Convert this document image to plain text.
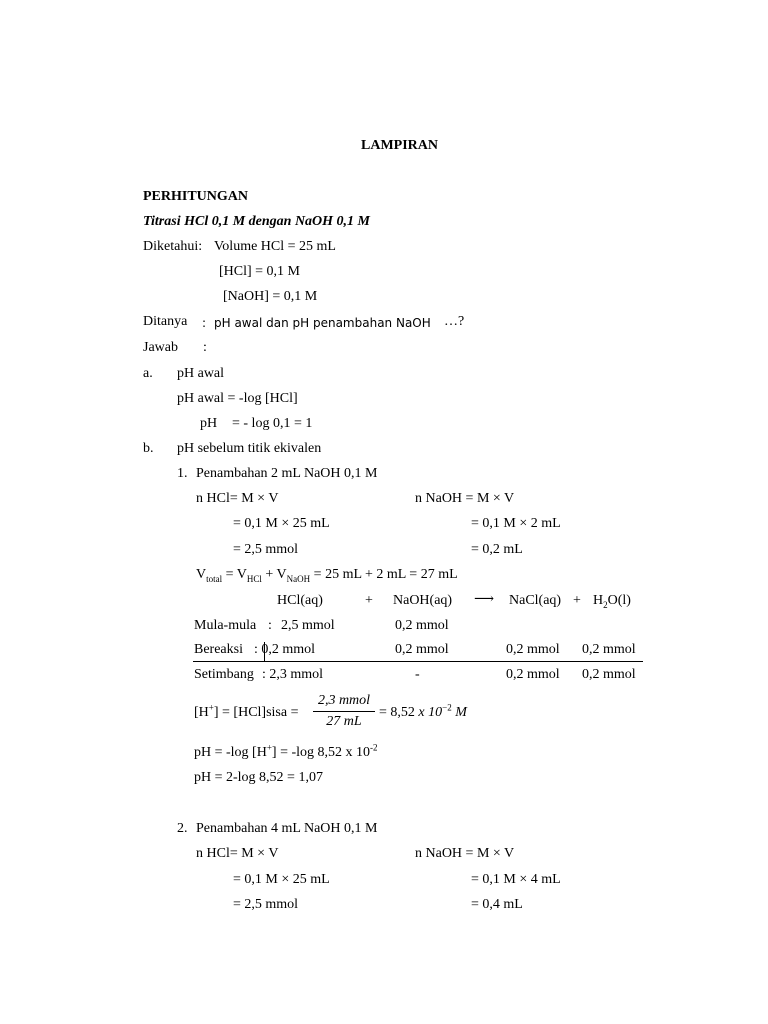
LAMPIRAN
PERHITUNGAN
Titrasi HCl 0,1 M dengan NaOH 0,1 M
Diketahui: Volume HCl = 25 mL
[HCl] = 0,1 M
[NaOH] = 0,1 M
Ditanya : pH awal dan pH penambahan NaOH …?
Jawab :
a. pH awal
pH awal = -log [HCl]
pH = - log 0,1 = 1
b. pH sebelum titik ekivalen
1. Penambahan 2 mL NaOH 0,1 M
n HCl= M × V
= 0,1 M × 25 mL
= 2,5 mmol
n NaOH = M × V
= 0,1 M × 2 mL
= 0,2 mL
$V_{total} = V_{HCl} + V_{NaOH} = 25$ mL + 2 mL = 27 mL
HCl(aq)	+ NaOH(aq) ⟶ NaCl(aq) + $H_2O(l)$
Mula-mula : 2,5 mmol	0,2 mmol
Bereaksi : 0,2 mmol	0,2 mmol	0,2 mmol 0,2 mmol
Setimbang : 2,3 mmol	-	0,2 mmol 0,2 mmol
[H+] = [HCl]sisa =
2,3 mmol
27 mL
= 8,52 x $10^{-2}$ M
pH = -log [H+] = -log 8,52 x $10^{-2}$
pH = 2-log 8,52 = 1,07
2. Penambahan 4 mL NaOH 0,1 M
n HCl= M × V
= 0,1 M × 25 mL
= 2,5 mmol
n NaOH = M × V
= 0,1 M × 4 mL
= 0,4 mL
